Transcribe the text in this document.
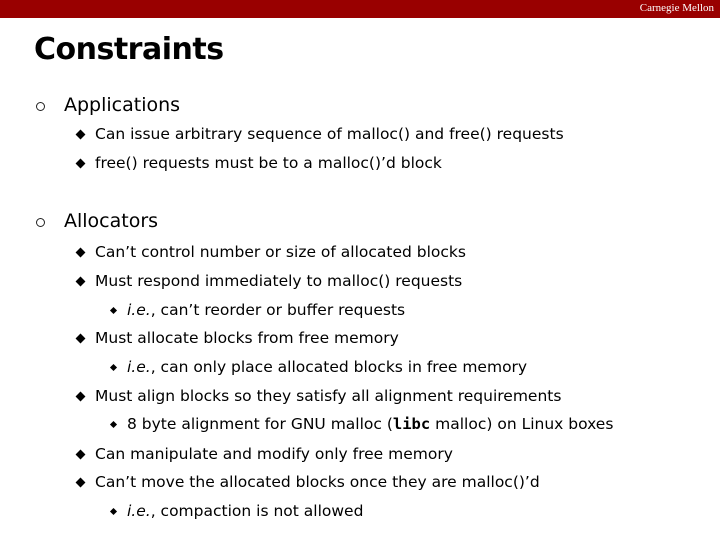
Carnegie Mellon
Constraints
Applications
Can issue arbitrary sequence of malloc() and free() requests
free() requests must be to a malloc()’d block
Allocators
Can’t control number or size of allocated blocks
Must respond immediately to malloc() requests
i.e. , can’t reorder or buffer requests
Must allocate blocks from free memory
i.e. , can only place allocated blocks in free memory
Must align blocks so they satisfy all alignment requirements
8 byte alignment for GNU malloc ( libc malloc) on Linux boxes
Can manipulate and modify only free memory
Can’t move the allocated blocks once they are malloc()’d
i.e. , compaction is not allowed
